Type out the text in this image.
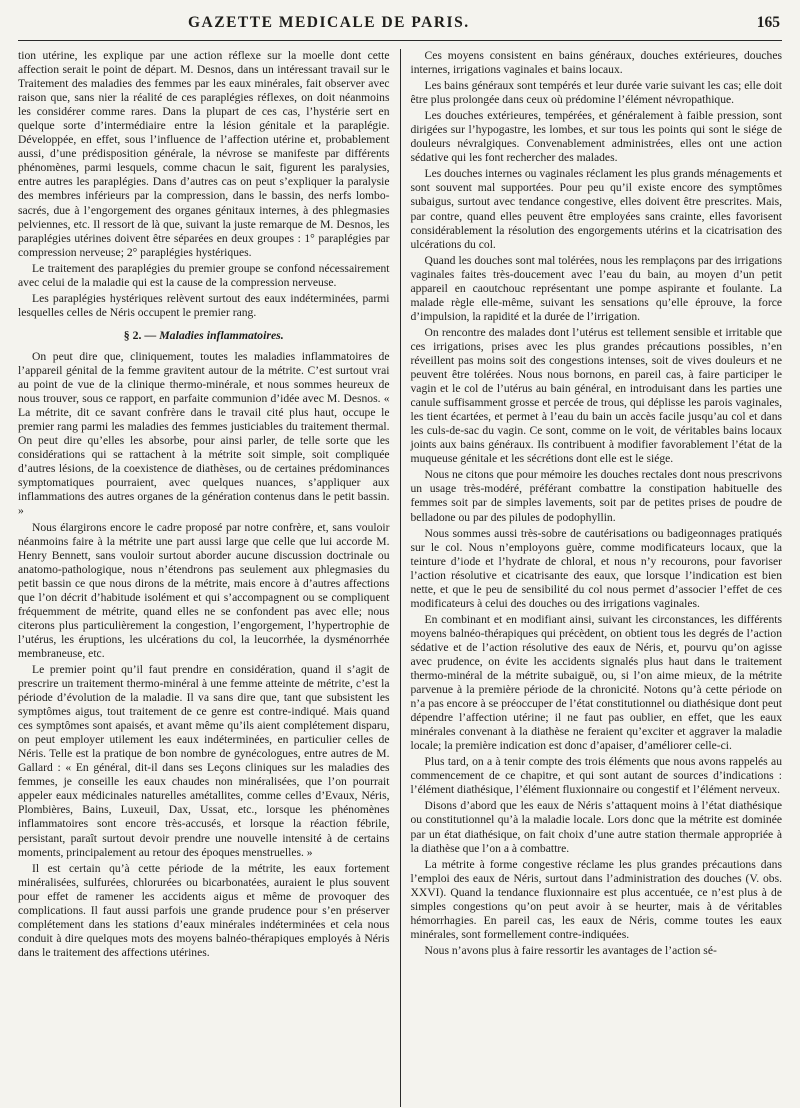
GAZETTE MEDICALE DE PARIS.	165

tion utérine, les explique par une action réflexe sur la moelle dont cette affection serait le point de départ. M. Desnos, dans un intéressant travail sur le Traitement des maladies des femmes par les eaux minérales, fait observer avec raison que, sans nier la réalité de ces paraplégies réflexes, on doit néanmoins les considérer comme rares. Dans la plupart de ces cas, l’hystérie sert en quelque sorte d’intermédiaire entre la lésion génitale et la paraplégie. Développée, en effet, sous l’influence de l’affection utérine et, probablement aussi, d’une prédisposition générale, la névrose se manifeste par différents phénomènes, parmi lesquels, comme chacun le sait, figurent les paralysies, entre autres les paraplégies. Dans d’autres cas on peut s’expliquer la paralysie des membres inférieurs par la compression, dans le bassin, des nerfs lombo-sacrés, due à l’engorgement des organes génitaux internes, à des phlegmasies pelviennes, etc. Il ressort de là que, suivant la juste remarque de M. Desnos, les paraplégies utérines doivent être séparées en deux groupes : 1° paraplégies par compression nerveuse; 2° paraplégies hystériques.

Le traitement des paraplégies du premier groupe se confond nécessairement avec celui de la maladie qui est la cause de la compression nerveuse.

Les paraplégies hystériques relèvent surtout des eaux indéterminées, parmi lesquelles celles de Néris occupent le premier rang.

§ 2. — Maladies inflammatoires.

On peut dire que, cliniquement, toutes les maladies inflammatoires de l’appareil génital de la femme gravitent autour de la métrite. C’est surtout vrai au point de vue de la clinique thermo-minérale, et nous sommes heureux de nous trouver, sous ce rapport, en parfaite communion d’idée avec M. Desnos. « La métrite, dit ce savant confrère dans le travail cité plus haut, occupe le premier rang parmi les maladies des femmes justiciables du traitement thermal. On peut dire qu’elles les absorbe, pour ainsi parler, de telle sorte que les considérations qui se rattachent à la métrite soit simple, soit compliquée d’autres lésions, de la coexistence de diathèses, ou de certaines prédominances symptomatiques pourraient, avec quelques nuances, s’appliquer aux inflammations des autres organes de la génération contenus dans le petit bassin. »

Nous élargirons encore le cadre proposé par notre confrère, et, sans vouloir néanmoins faire à la métrite une part aussi large que celle que lui accorde M. Henry Bennett, sans vouloir surtout aborder aucune discussion doctrinale ou anatomo-pathologique, nous n’étendrons pas seulement aux phlegmasies du petit bassin ce que nous dirons de la métrite, mais encore à d’autres affections que l’on décrit d’habitude isolément et qui s’accompagnent ou se compliquent fréquemment de métrite, quand elles ne se confondent pas avec elle; nous citerons plus particulièrement la congestion, l’engorgement, l’hypertrophie de l’utérus, les éruptions, les ulcérations du col, la leucorrhée, la dysménorrhée membraneuse, etc.

Le premier point qu’il faut prendre en considération, quand il s’agit de prescrire un traitement thermo-minéral à une femme atteinte de métrite, c’est la période d’évolution de la maladie. Il va sans dire que, tant que subsistent les symptômes aigus, tout traitement de ce genre est contre-indiqué. Mais quand ces symptômes sont apaisés, et avant même qu’ils aient complétement disparu, on peut employer utilement les eaux indéterminées, en particulier celles de Néris. Telle est la pratique de bon nombre de gynécologues, entre autres de M. Gallard : « En général, dit-il dans ses Leçons cliniques sur les maladies des femmes, je conseille les eaux chaudes non minéralisées, que l’on pourrait appeler eaux médicinales naturelles amétallites, comme celles d’Evaux, Néris, Plombières, Bains, Luxeuil, Dax, Ussat, etc., lorsque les phénomènes inflammatoires sont encore très-accusés, et lorsque la réaction fébrile, persistant, paraît surtout devoir prendre une nouvelle intensité à de certains moments, principalement au retour des époques menstruelles. »

Il est certain qu’à cette période de la métrite, les eaux fortement minéralisées, sulfurées, chlorurées ou bicarbonatées, auraient le plus souvent pour effet de ramener les accidents aigus et même de provoquer des complications. Il faut aussi parfois une grande prudence pour s’en préserver complétement dans les stations d’eaux minérales indéterminées et cela nous conduit à dire quelques mots des moyens balnéo-thérapiques employés à Néris dans le traitement des affections utérines.

Ces moyens consistent en bains généraux, douches extérieures, douches internes, irrigations vaginales et bains locaux.

Les bains généraux sont tempérés et leur durée varie suivant les cas; elle doit être plus prolongée dans ceux où prédomine l’élément névropathique.

Les douches extérieures, tempérées, et généralement à faible pression, sont dirigées sur l’hypogastre, les lombes, et sur tous les points qui sont le siége de douleurs névralgiques. Convenablement administrées, elles ont une action sédative qui les font rechercher des malades.

Les douches internes ou vaginales réclament les plus grands ménagements et sont souvent mal supportées. Pour peu qu’il existe encore des symptômes subaigus, surtout avec tendance congestive, elles doivent être prescrites. Mais, par contre, quand elles peuvent être employées sans crainte, elles favorisent considérablement la résolution des engorgements utérins et la cicatrisation des ulcérations du col.

Quand les douches sont mal tolérées, nous les remplaçons par des irrigations vaginales faites très-doucement avec l’eau du bain, au moyen d’un petit appareil en caoutchouc représentant une pompe aspirante et foulante. La malade règle elle-même, suivant les sensations qu’elle éprouve, la force d’impulsion, la rapidité et la durée de l’irrigation.

On rencontre des malades dont l’utérus est tellement sensible et irritable que ces irrigations, prises avec les plus grandes précautions possibles, n’en réveillent pas moins soit des congestions intenses, soit de vives douleurs et ne peuvent être tolérées. Nous nous bornons, en pareil cas, à faire participer le vagin et le col de l’utérus au bain général, en introduisant dans les parties une canule suffisamment grosse et percée de trous, qui déplisse les parois vaginales, les tient écartées, et permet à l’eau du bain un accès facile jusqu’au col et dans les culs-de-sac du vagin. Ce sont, comme on le voit, de véritables bains locaux joints aux bains généraux. Ils contribuent à modifier favorablement l’état de la muqueuse génitale et les sécrétions dont elle est le siége.

Nous ne citons que pour mémoire les douches rectales dont nous prescrivons un usage très-modéré, préférant combattre la constipation habituelle des femmes soit par de simples lavements, soit par de petites prises de poudre de belladone ou par des pilules de podophyllin.

Nous sommes aussi très-sobre de cautérisations ou badigeonnages pratiqués sur le col. Nous n’employons guère, comme modificateurs locaux, que la teinture d’iode et l’hydrate de chloral, et nous n’y recourons, pour favoriser l’action résolutive et cicatrisante des eaux, que lorsque l’indication est bien nette, et que le peu de sensibilité du col nous permet d’associer l’effet de ces modificateurs à celui des douches ou des irrigations vaginales.

En combinant et en modifiant ainsi, suivant les circonstances, les différents moyens balnéo-thérapiques qui précèdent, on obtient tous les degrés de l’action sédative et de l’action résolutive des eaux de Néris, et, pourvu qu’on agisse avec prudence, on évite les accidents signalés plus haut dans le traitement thermo-minéral de la métrite subaiguë, ou, si l’on aime mieux, de la métrite parvenue à la première période de la chronicité. Notons qu’à cette période on n’a pas encore à se préoccuper de l’état constitutionnel ou diathésique dont peut dépendre l’affection utérine; il ne faut pas oublier, en effet, que les eaux minérales convenant à la diathèse ne feraient qu’exciter et aggraver la maladie locale; la première indication est donc d’apaiser, d’améliorer celle-ci.

Plus tard, on a à tenir compte des trois éléments que nous avons rappelés au commencement de ce chapitre, et qui sont autant de sources d’indications : l’élément diathésique, l’élément fluxionnaire ou congestif et l’élément nerveux.

Disons d’abord que les eaux de Néris s’attaquent moins à l’état diathésique ou constitutionnel qu’à la maladie locale. Lors donc que la métrite est dominée par un état diathésique, on fait choix d’une autre station thermale appropriée à la diathèse que l’on a à combattre.

La métrite à forme congestive réclame les plus grandes précautions dans l’emploi des eaux de Néris, surtout dans l’administration des douches (V. obs. XXVI). Quand la tendance fluxionnaire est plus accentuée, ce n’est plus à de simples congestions qu’on peut avoir à se heurter, mais à de véritables hémorrhagies. En pareil cas, les eaux de Néris, comme toutes les eaux minérales, sont formellement contre-indiquées.

Nous n’avons plus à faire ressortir les avantages de l’action sé-
